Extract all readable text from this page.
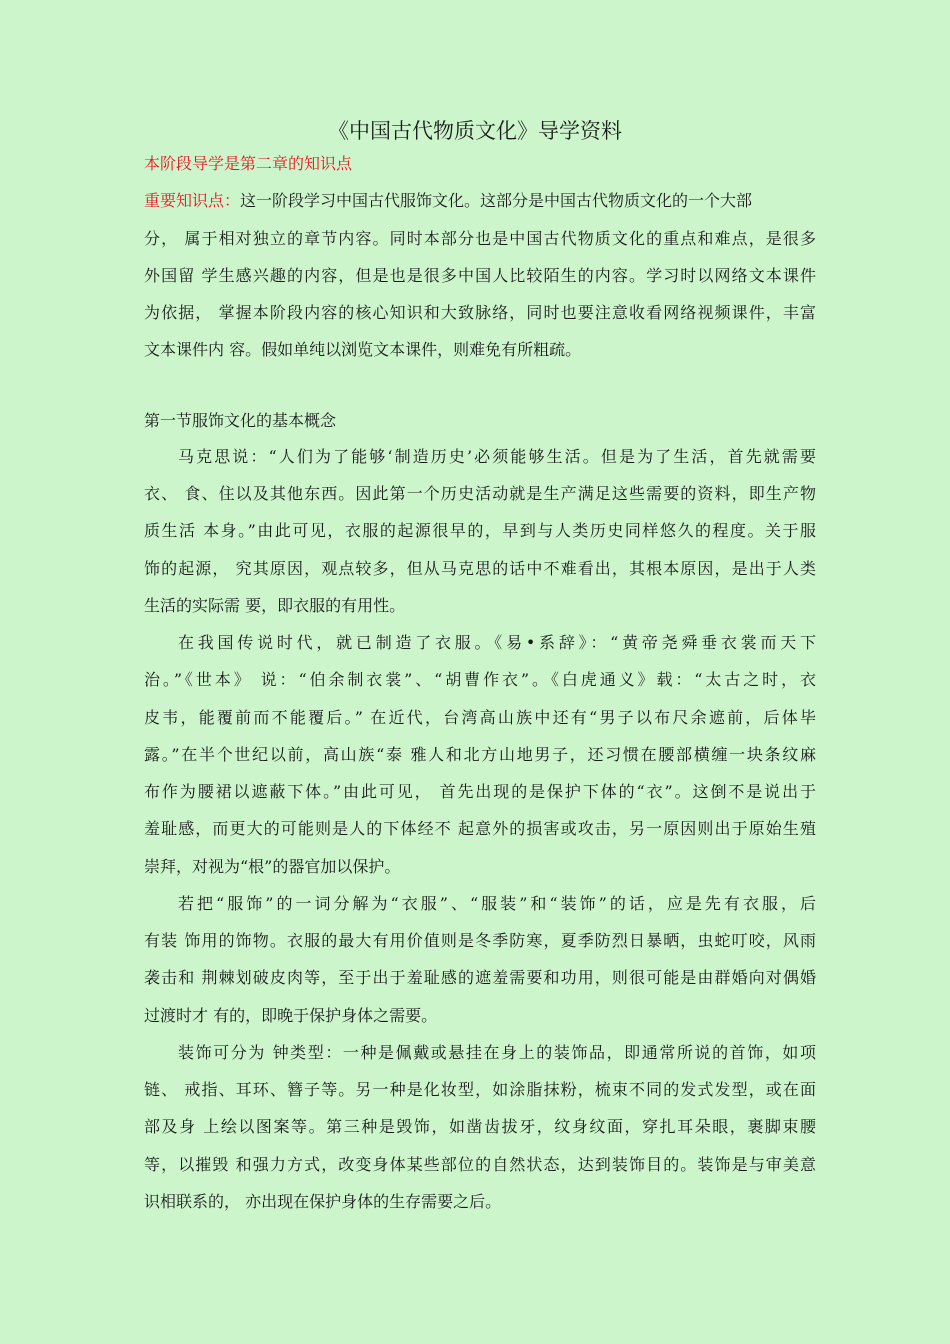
《中国古代物质文化》导学资料
本阶段导学是第二章的知识点
重要知识点：这一阶段学习中国古代服饰文化。这部分是中国古代物质文化的一个大部
分， 属于相对独立的章节内容。同时本部分也是中国古代物质文化的重点和难点，是很多
外国留 学生感兴趣的内容，但是也是很多中国人比较陌生的内容。学习时以网络文本课件
为依据， 掌握本阶段内容的核心知识和大致脉络，同时也要注意收看网络视频课件，丰富
文本课件内 容。假如单纯以浏览文本课件，则难免有所粗疏。
第一节服饰文化的基本概念
马克思说：“人们为了能够‘制造历史’必须能够生活。但是为了生活，首先就需要
衣、 食、住以及其他东西。因此第一个历史活动就是生产满足这些需要的资料，即生产物
质生活 本身。”由此可见，衣服的起源很早的，早到与人类历史同样悠久的程度。关于服
饰的起源， 究其原因，观点较多，但从马克思的话中不难看出，其根本原因，是出于人类
生活的实际需 要，即衣服的有用性。
在我国传说时代，就已制造了衣服。《易•系辞》：“黄帝尧舜垂衣裳而天下
治。”《世本》 说：“伯余制衣裳”、“胡曹作衣”。《白虎通义》载：“太古之时，衣
皮韦，能覆前而不能覆后。” 在近代，台湾高山族中还有“男子以布尺余遮前，后体毕
露。”在半个世纪以前，高山族“泰 雅人和北方山地男子，还习惯在腰部横缠一块条纹麻
布作为腰裙以遮蔽下体。”由此可见， 首先出现的是保护下体的“衣”。这倒不是说出于
羞耻感，而更大的可能则是人的下体经不 起意外的损害或攻击，另一原因则出于原始生殖
崇拜，对视为“根”的器官加以保护。
若把“服饰”的一词分解为“衣服”、“服装”和“装饰”的话，应是先有衣服，后
有装 饰用的饰物。衣服的最大有用价值则是冬季防寒，夏季防烈日暴晒，虫蛇叮咬，风雨
袭击和 荆棘划破皮肉等，至于出于羞耻感的遮羞需要和功用，则很可能是由群婚向对偶婚
过渡时才 有的，即晚于保护身体之需要。
装饰可分为 钟类型：一种是佩戴或悬挂在身上的装饰品，即通常所说的首饰，如项
链、 戒指、耳环、簪子等。另一种是化妆型，如涂脂抹粉，梳束不同的发式发型，或在面
部及身 上绘以图案等。第三种是毁饰，如凿齿拔牙，纹身纹面，穿扎耳朵眼，裹脚束腰
等，以摧毁 和强力方式，改变身体某些部位的自然状态，达到装饰目的。装饰是与审美意
识相联系的， 亦出现在保护身体的生存需要之后。
